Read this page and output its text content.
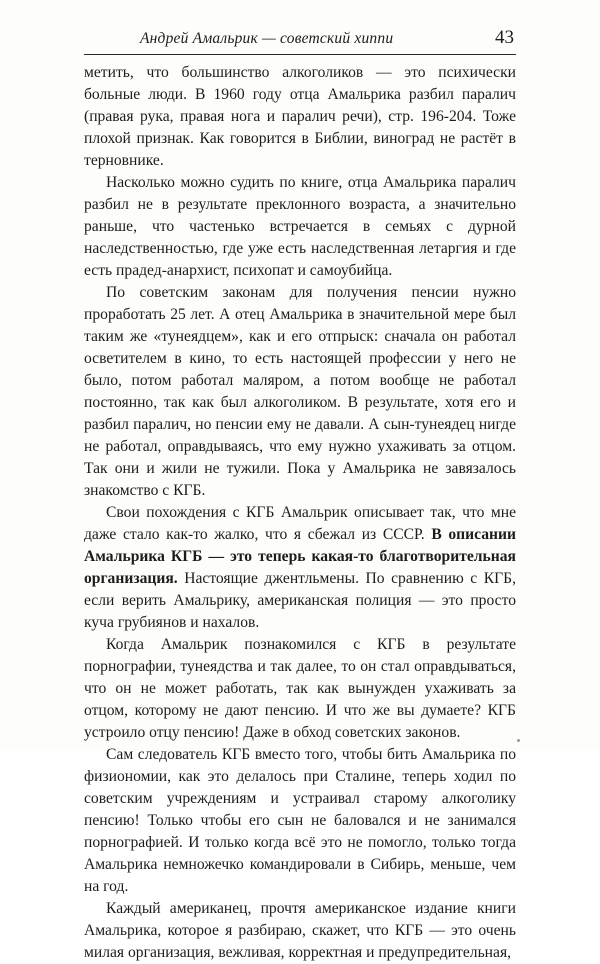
Андрей Амальрик — советский хиппи	43

метить, что большинство алкоголиков — это психически больные люди. В 1960 году отца Амальрика разбил паралич (правая рука, правая нога и паралич речи), стр. 196-204. Тоже плохой признак. Как говорится в Библии, виноград не растёт в терновнике.

Насколько можно судить по книге, отца Амальрика паралич разбил не в результате преклонного возраста, а значительно раньше, что частенько встречается в семьях с дурной наследственностью, где уже есть наследственная летаргия и где есть прадед-анархист, психопат и самоубийца.

По советским законам для получения пенсии нужно проработать 25 лет. А отец Амальрика в значительной мере был таким же «тунеядцем», как и его отпрыск: сначала он работал осветителем в кино, то есть настоящей профессии у него не было, потом работал маляром, а потом вообще не работал постоянно, так как был алкоголиком. В результате, хотя его и разбил паралич, но пенсии ему не давали. А сын-тунеядец нигде не работал, оправдываясь, что ему нужно ухаживать за отцом. Так они и жили не тужили. Пока у Амальрика не завязалось знакомство с КГБ.

Свои похождения с КГБ Амальрик описывает так, что мне даже стало как-то жалко, что я сбежал из СССР. В описании Амальрика КГБ — это теперь какая-то благотворительная организация. Настоящие джентльмены. По сравнению с КГБ, если верить Амальрику, американская полиция — это просто куча грубиянов и нахалов.

Когда Амальрик познакомился с КГБ в результате порнографии, тунеядства и так далее, то он стал оправдываться, что он не может работать, так как вынужден ухаживать за отцом, которому не дают пенсию. И что же вы думаете? КГБ устроило отцу пенсию! Даже в обход советских законов.

Сам следователь КГБ вместо того, чтобы бить Амальрика по физиономии, как это делалось при Сталине, теперь ходил по советским учреждениям и устраивал старому алкоголику пенсию! Только чтобы его сын не баловался и не занимался порнографией. И только когда всё это не помогло, только тогда Амальрика немножечко командировали в Сибирь, меньше, чем на год.

Каждый американец, прочтя американское издание книги Амальрика, которое я разбираю, скажет, что КГБ — это очень милая организация, вежливая, корректная и предупредительная,
